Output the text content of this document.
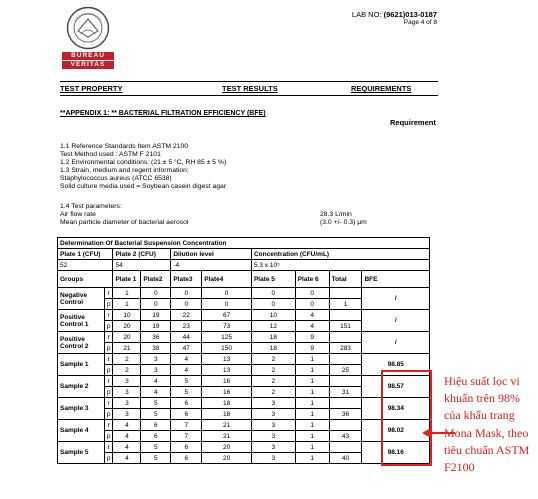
BUREAU
VERITAS
LAB NO: (9621)013-0187
Page 4 of 8
TEST PROPERTY	TEST RESULTS	REQUIREMENTS
**APPENDIX 1: ** BACTERIAL FILTRATION EFFICIENCY (BFE)
Requirement
1.1 Reference Standards Item ASTM 2100
Test Method used : ASTM F 2101
1.2 Environmental conditions: (21 ± 5 °C, RH 85 ± 5 %)
1.3 Strain, medium and regent information:
Staphylococcus aureus (ATCC 6538)
Solid culture media used = Soybean casein digest agar
1.4 Test parameters:
Air flow rate
Mean particle diameter of bacterial aerosol
28.3 L/min
(3.0 +/- 0.3) μm
Determination Of Bacterial Suspension Concentration									
Plate 1 (CFU)		Plate 2 (CFU)		Dilution level		Concentration (CFU/mL)			
52		54		-4		5.3 x 10⁵			
Groups		Plate 1	Plate2	Plate3	Plate4	Plate 5	Plate 6	Total	BFE
Negative Control	r	1	0	0	0	0	0		/
	p	1	0	0	0	0	0	1	
Positive Control 1	r	10	19	22	67	10	4		/
	p	20	19	23	73	12	4	151	
Positive Control 2	r	20	36	44	125	18	9		/
	p	21	38	47	150	18	9	283	
Sample 1	r	2	3	4	13	2	1		98.85
	p	2	3	4	13	2	1	25	
Sample 2	r	3	4	5	16	2	1		98.57
	p	3	4	5	16	2	1	31	
Sample 3	r	3	5	6	18	3	1		98.34
	p	3	5	6	18	3	1	36	
Sample 4	r	4	6	7	21	3	1		98.02
	p	4	6	7	21	3	1	43	
Sample 5	r	4	5	6	20	3	1		98.16
	p	4	5	6	20	3	1	40	
Hiệu suất lọc vi khuẩn trên 98% của khẩu trang Mona Mask, theo tiêu chuẩn ASTM F2100
